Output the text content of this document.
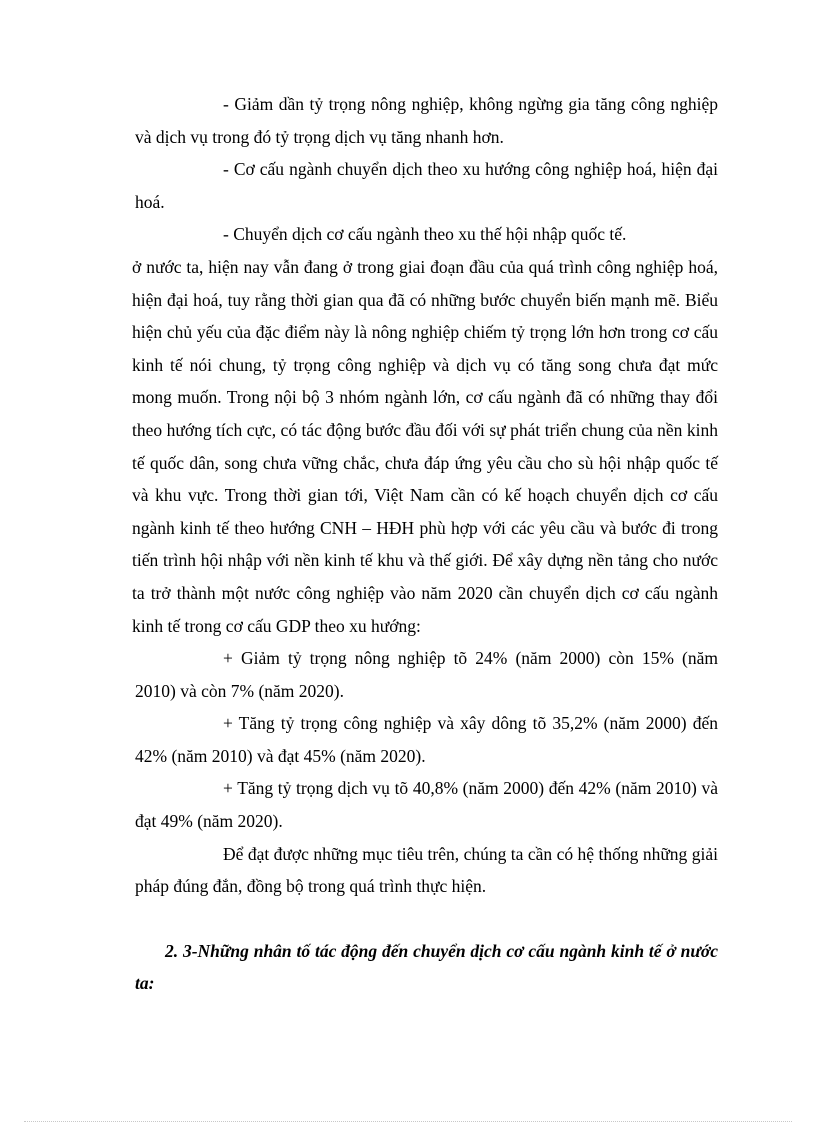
- Giảm dần tỷ trọng nông nghiệp, không ngừng gia tăng công nghiệp và dịch vụ trong đó tỷ trọng dịch vụ tăng nhanh hơn.

- Cơ cấu ngành chuyển dịch theo xu hướng công nghiệp hoá, hiện đại hoá.

- Chuyển dịch cơ cấu ngành theo xu thế hội nhập quốc tế.

ở nước ta, hiện nay vẫn đang ở trong giai đoạn đầu của quá trình công nghiệp hoá, hiện đại hoá, tuy rằng thời gian qua đã có những bước chuyển biến mạnh mẽ. Biểu hiện chủ yếu của đặc điểm này là nông nghiệp chiếm tỷ trọng lớn hơn trong cơ cấu kinh tế nói chung, tỷ trọng công nghiệp và dịch vụ có tăng song chưa đạt mức mong muốn. Trong nội bộ 3 nhóm ngành lớn, cơ cấu ngành đã có những thay đổi theo hướng tích cực, có tác động bước đầu đối với sự phát triển chung của nền kinh tế quốc dân, song chưa vững chắc, chưa đáp ứng yêu cầu cho sù hội nhập quốc tế và khu vực. Trong thời gian tới, Việt Nam cần có kế hoạch chuyển dịch cơ cấu ngành kinh tế theo hướng CNH – HĐH phù hợp với các yêu cầu và bước đi trong tiến trình hội nhập với nền kinh tế khu và thế giới. Để xây dựng nền tảng cho nước ta trở thành một nước công nghiệp vào năm 2020 cần chuyển dịch cơ cấu ngành kinh tế trong cơ cấu GDP theo xu hướng:

+ Giảm tỷ trọng nông nghiệp tõ 24% (năm 2000) còn 15% (năm 2010) và còn 7% (năm 2020).

+ Tăng tỷ trọng công nghiệp và xây dông tõ 35,2% (năm 2000) đến 42% (năm 2010) và đạt 45% (năm 2020).

+ Tăng tỷ trọng dịch vụ tõ 40,8% (năm 2000) đến 42% (năm 2010) và đạt 49% (năm 2020).

Để đạt được những mục tiêu trên, chúng ta cần có hệ thống những giải pháp đúng đắn, đồng bộ trong quá trình thực hiện.

2. 3-Những nhân tố tác động đến chuyển dịch cơ cấu ngành kinh tế ở nước ta:
